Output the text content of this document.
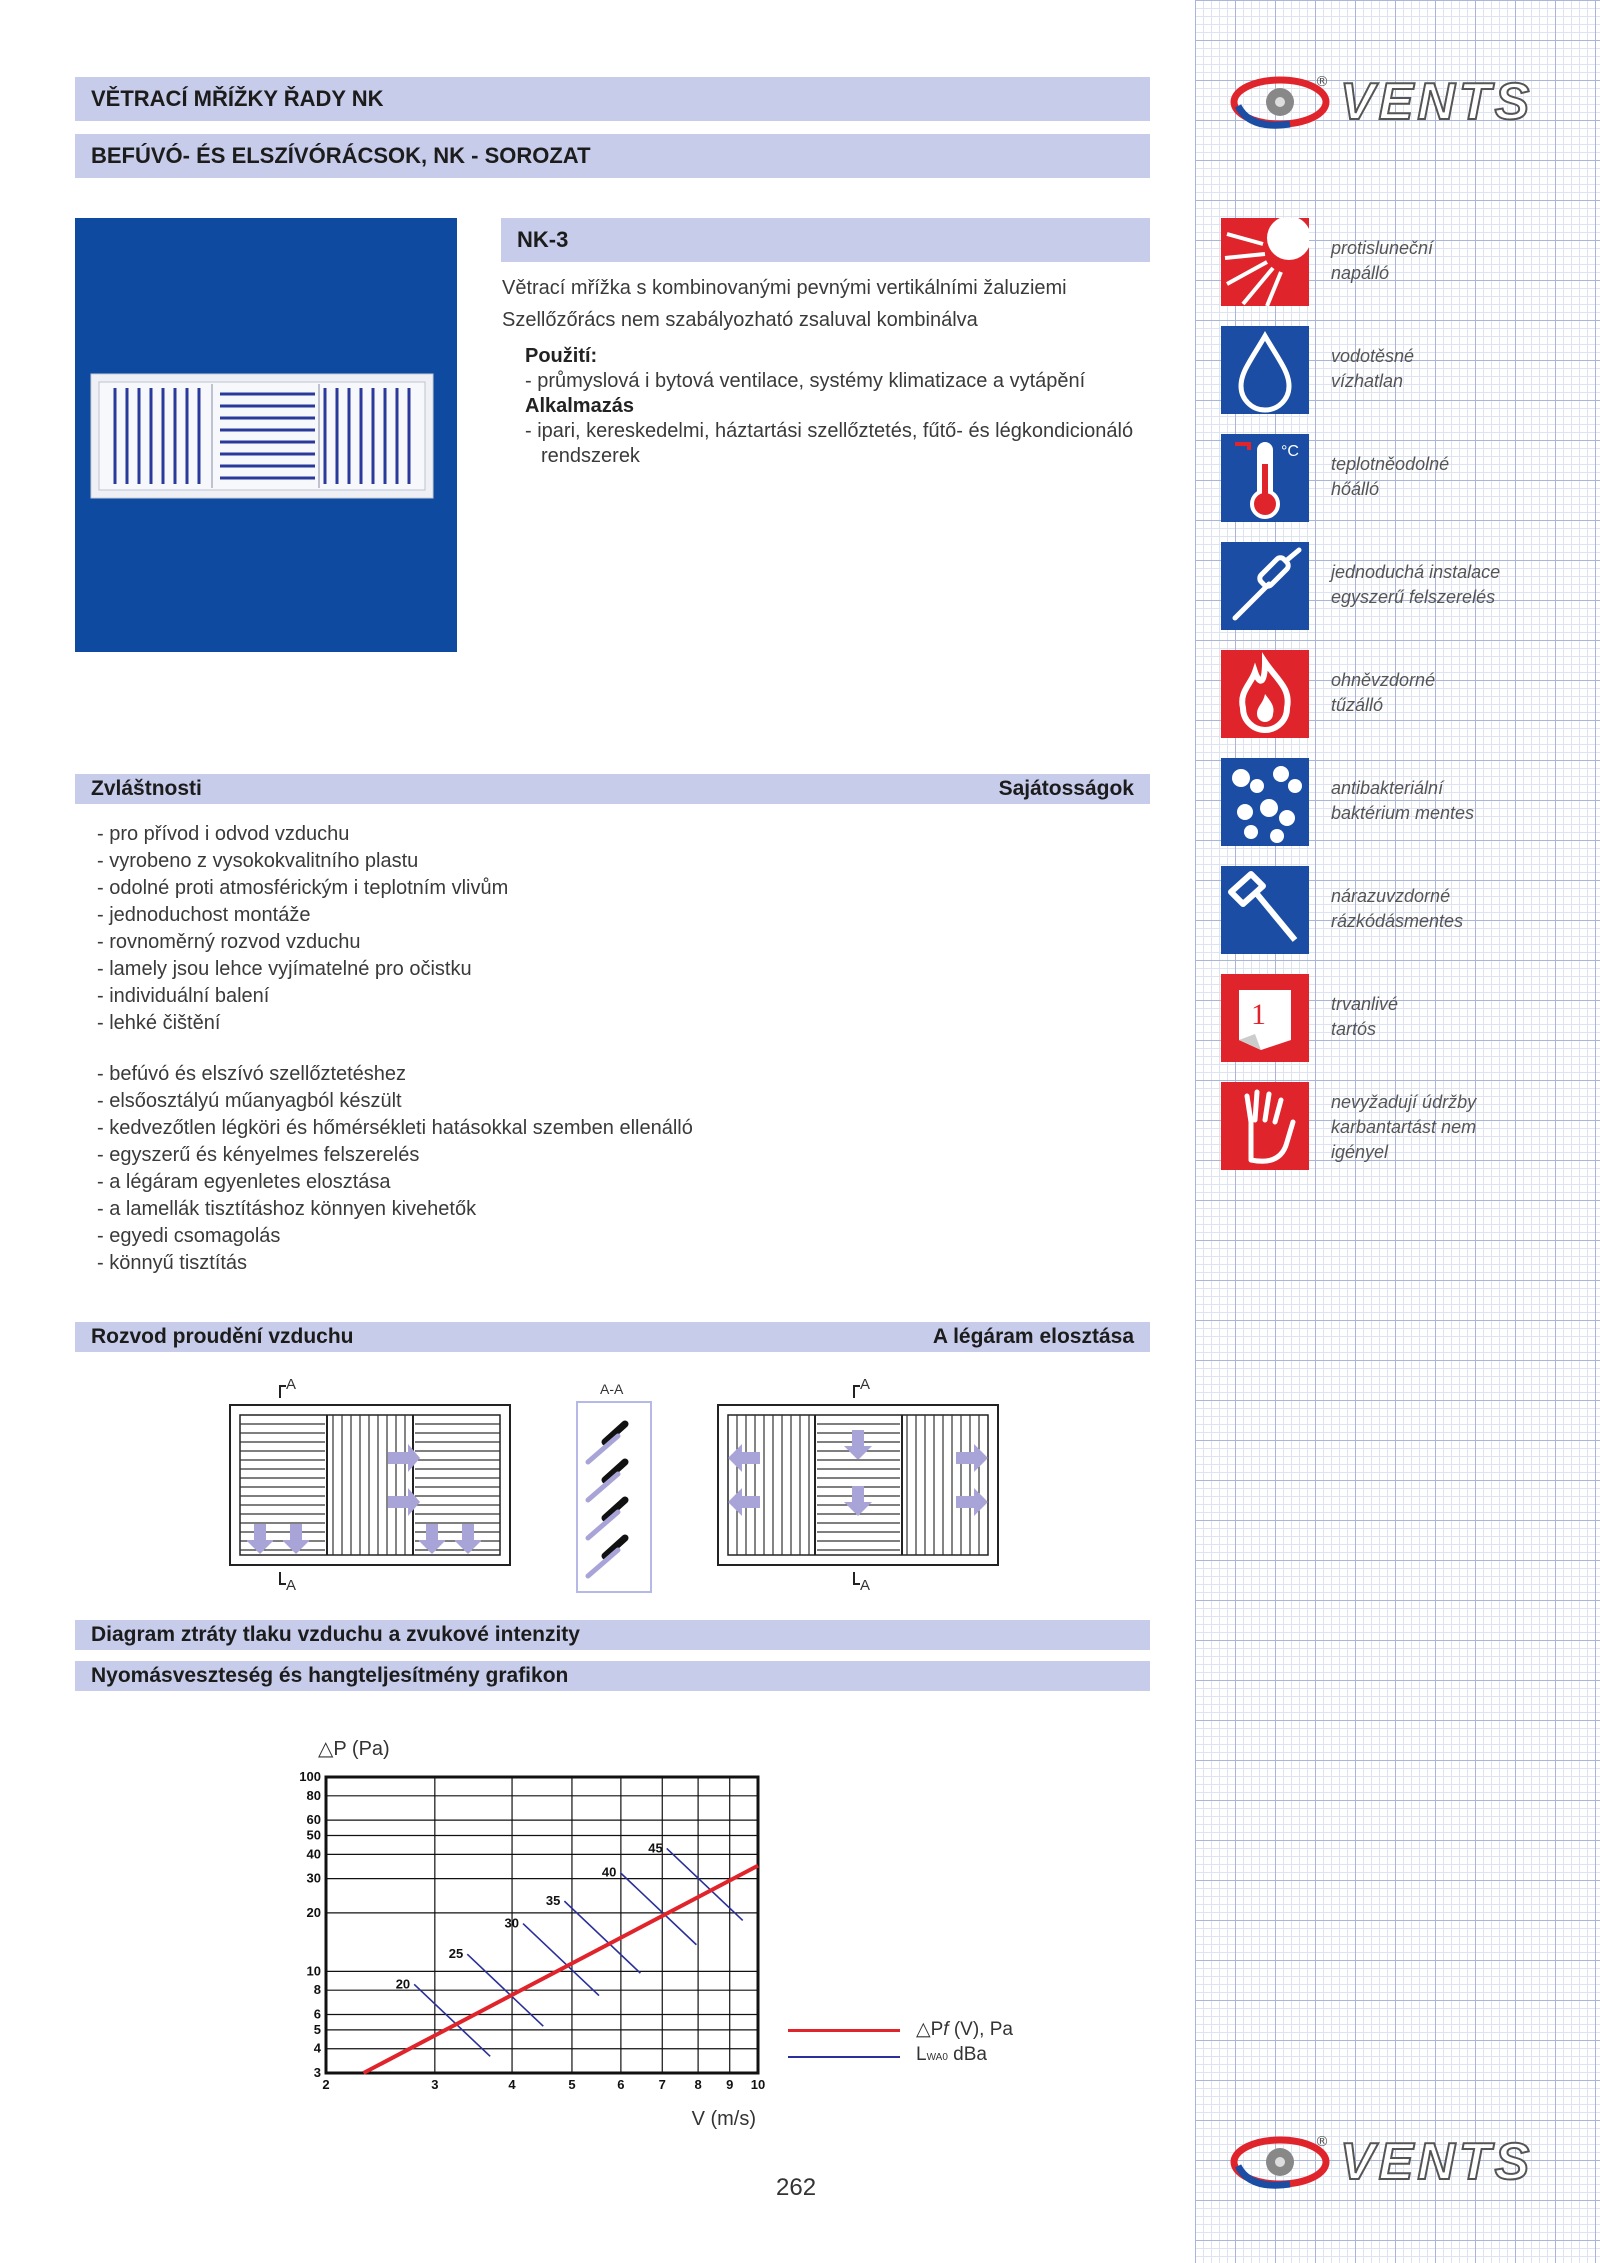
VĚTRACÍ MŘÍŽKY ŘADY NK
BEFÚVÓ- ÉS ELSZÍVÓRÁCSOK, NK - SOROZAT
® VENTS
® VENTS
NK-3
Větrací mřížka s kombinovanými pevnými vertikálními žaluziemi
Szellőzőrács nem szabályozható zsaluval kombinálva
Použití:
- průmyslová i bytová ventilace, systémy klimatizace a vytápění
Alkalmazás
- ipari, kereskedelmi, háztartási szellőztetés, fűtő- és légkondicionáló rendszerek
protisluneční
napálló
vodotěsné
vízhatlan
°C
teplotněodolné
hőálló
jednoduchá instalace
egyszerű felszerelés
ohněvzdorné
tűzálló
antibakteriální
baktérium mentes
nárazuvzdorné
rázkódásmentes
1	trvanlivé
tartós
nevyžadují údržby
karbantartást nem
igényel
Zvláštnosti	Sajátosságok
- pro přívod i odvod vzduchu
- vyrobeno z vysokokvalitního plastu
- odolné proti atmosférickým i teplotním vlivům
- jednoduchost montáže
- rovnoměrný rozvod vzduchu
- lamely jsou lehce vyjímatelné pro očistku
- individuální balení
- lehké čištění
- befúvó és elszívó szellőztetéshez
- elsőosztályú műanyagból készült
- kedvezőtlen légköri és hőmérsékleti hatásokkal szemben ellenálló
- egyszerű és kényelmes felszerelés
- a légáram egyenletes elosztása
- a lamellák tisztításhoz könnyen kivehetők
- egyedi csomagolás
- könnyű tisztítás
Rozvod proudění vzduchu	A légáram elosztása
A
A
A-A	A
A
Diagram ztráty tlaku vzduchu a zvukové intenzity
Nyomásveszteség és hangteljesítmény grafikon
3
4
5
6
8
10
20
30
40
50
60
80
100
2	3	4	5	6	7 8 9 10
△P (Pa)
V (m/s)
20
25
30
35
40
45
△Pf (V), Pa
LWA0 dBa
262
